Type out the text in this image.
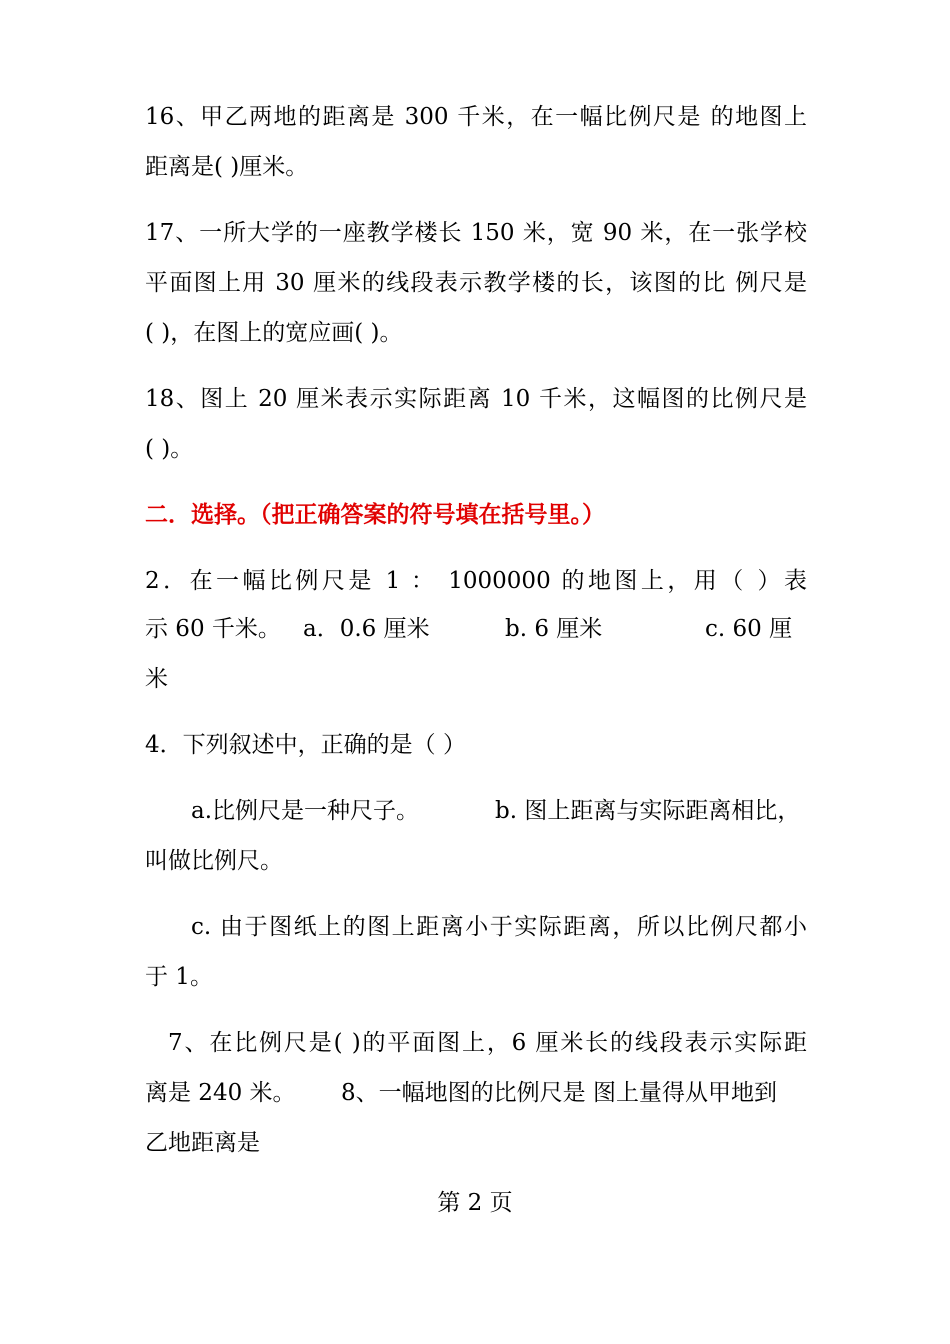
16、甲乙两地的距离是 300 千米，在一幅比例尺是 的地图上
距离是( )厘米。
17、一所大学的一座教学楼长 150 米，宽 90 米，在一张学校
平面图上用 30 厘米的线段表示教学楼的长，该图的比 例尺是
( )，在图上的宽应画( )。
18、图上 20 厘米表示实际距离 10 千米，这幅图的比例尺是
( )。
二．选择。（把正确答案的符号填在括号里。）
2．在一幅比例尺是 1 ： 1000000 的地图上，用（ ）表
示 60 千米。 a．0.6 厘米	b. 6 厘米	c. 60 厘
米
4．下列叙述中，正确的是（ ）
a.比例尺是一种尺子。	b. 图上距离与实际距离相比，
叫做比例尺。
c. 由于图纸上的图上距离小于实际距离，所以比例尺都小
于 1。
7、在比例尺是( )的平面图上，6 厘米长的线段表示实际距
离是 240 米。 8、一幅地图的比例尺是 图上量得从甲地到
乙地距离是
第 2 页
